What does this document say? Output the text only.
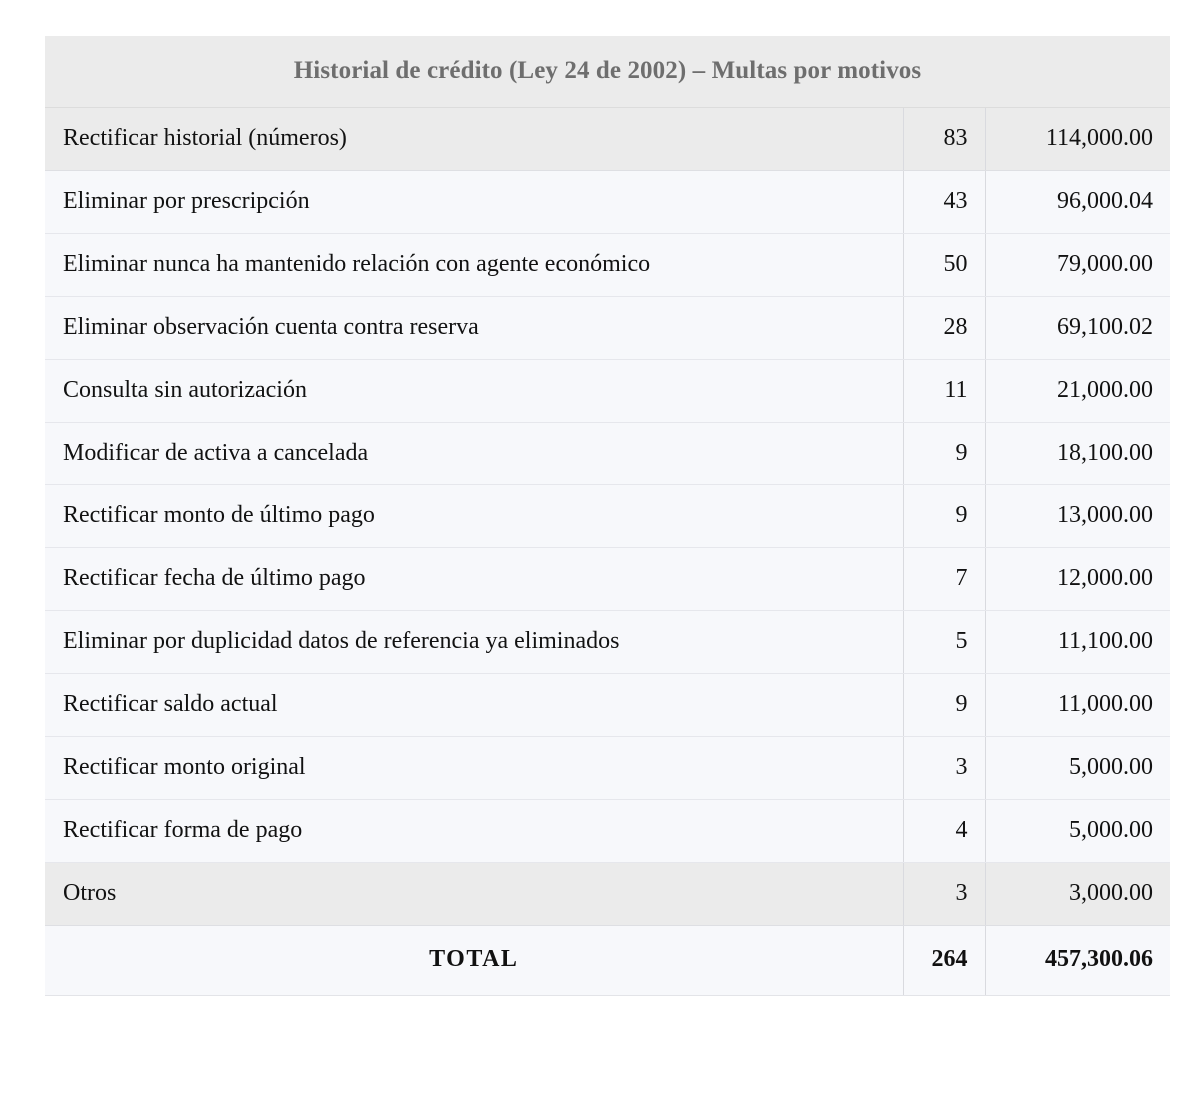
Historial de crédito (Ley 24 de 2002) – Multas por motivos		
Rectificar historial (números)	83	114,000.00
Eliminar por prescripción	43	96,000.04
Eliminar nunca ha mantenido relación con agente económico	50	79,000.00
Eliminar observación cuenta contra reserva	28	69,100.02
Consulta sin autorización	11	21,000.00
Modificar de activa a cancelada	9	18,100.00
Rectificar monto de último pago	9	13,000.00
Rectificar fecha de último pago	7	12,000.00
Eliminar por duplicidad datos de referencia ya eliminados	5	11,100.00
Rectificar saldo actual	9	11,000.00
Rectificar monto original	3	5,000.00
Rectificar forma de pago	4	5,000.00
Otros	3	3,000.00
TOTAL	264	457,300.06
